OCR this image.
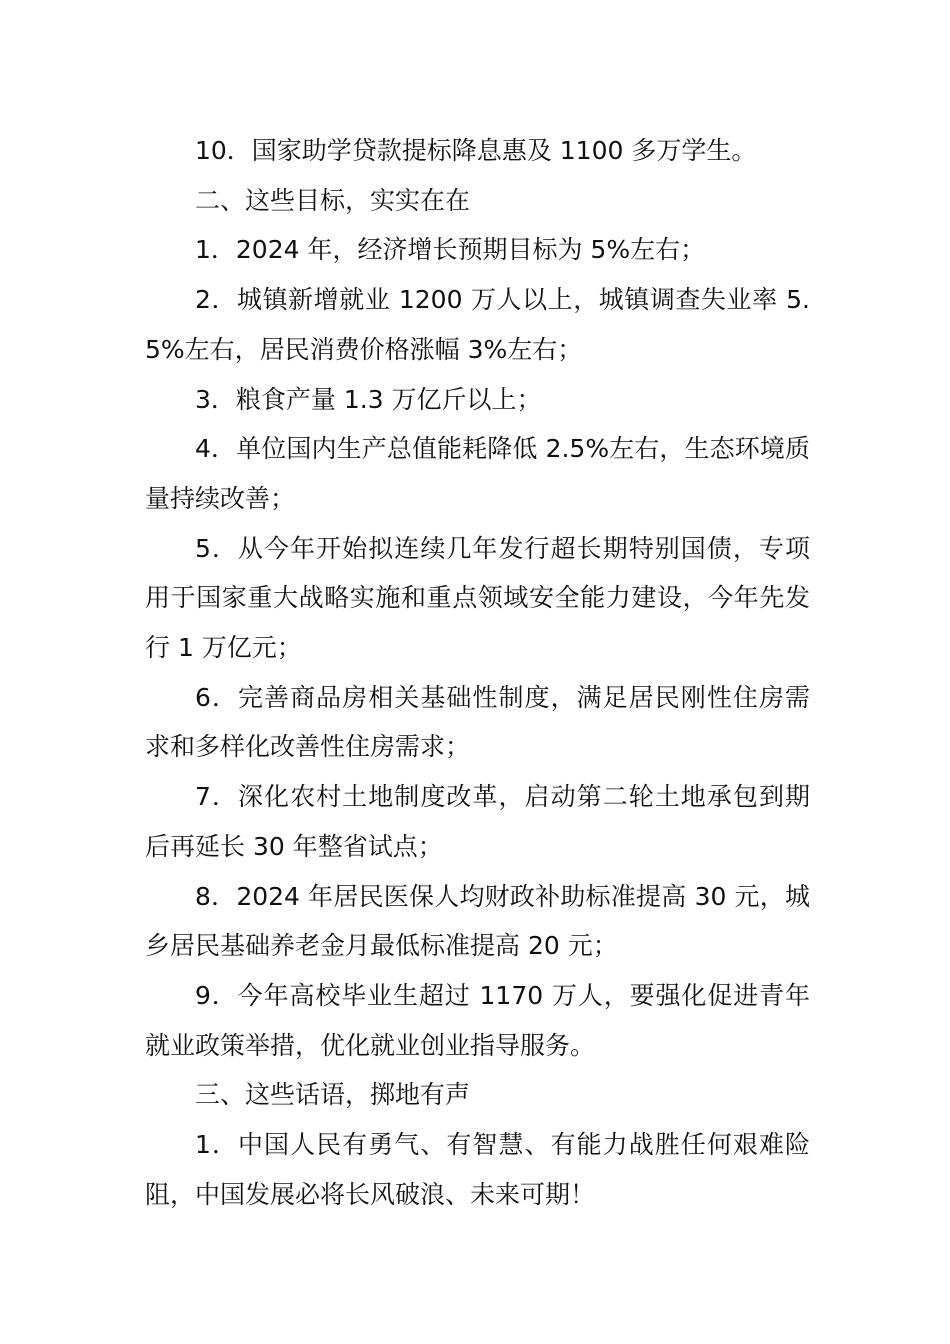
10．国家助学贷款提标降息惠及 1100 多万学生。

二、这些目标，实实在在

1．2024 年，经济增长预期目标为 5%左右；

2．城镇新增就业 1200 万人以上，城镇调查失业率 5.5%左右，居民消费价格涨幅 3%左右；

3．粮食产量 1.3 万亿斤以上；

4．单位国内生产总值能耗降低 2.5%左右，生态环境质量持续改善；

5．从今年开始拟连续几年发行超长期特别国债，专项用于国家重大战略实施和重点领域安全能力建设，今年先发行 1 万亿元；

6．完善商品房相关基础性制度，满足居民刚性住房需求和多样化改善性住房需求；

7．深化农村土地制度改革，启动第二轮土地承包到期后再延长 30 年整省试点；

8．2024 年居民医保人均财政补助标准提高 30 元，城乡居民基础养老金月最低标准提高 20 元；

9．今年高校毕业生超过 1170 万人，要强化促进青年就业政策举措，优化就业创业指导服务。

三、这些话语，掷地有声

1．中国人民有勇气、有智慧、有能力战胜任何艰难险阻，中国发展必将长风破浪、未来可期！
